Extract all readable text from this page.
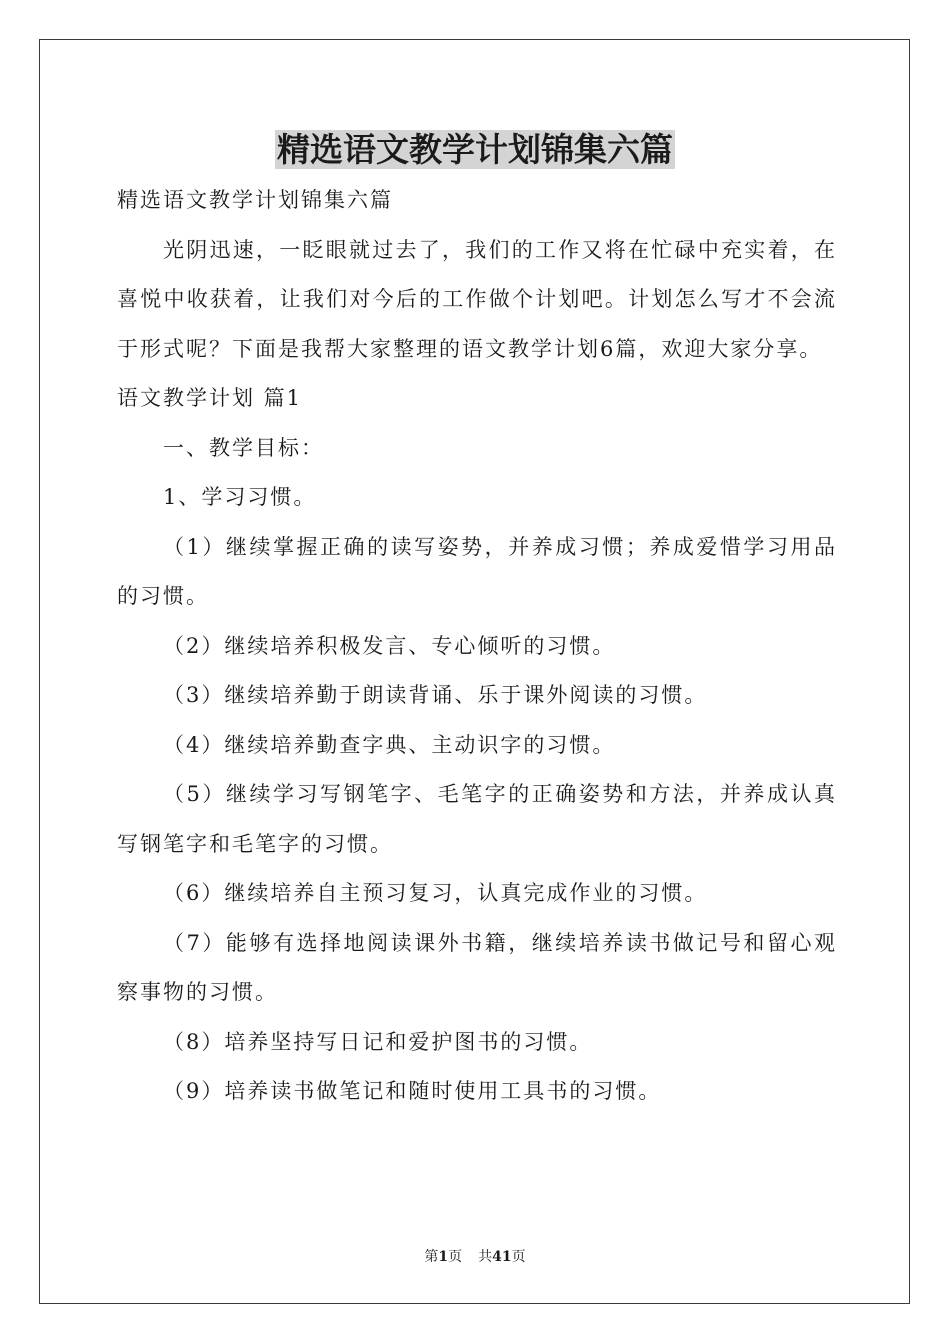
精选语文教学计划锦集六篇

精选语文教学计划锦集六篇

光阴迅速，一眨眼就过去了，我们的工作又将在忙碌中充实着，在喜悦中收获着，让我们对今后的工作做个计划吧。计划怎么写才不会流于形式呢？下面是我帮大家整理的语文教学计划6篇，欢迎大家分享。

语文教学计划 篇1

一、教学目标：

1、学习习惯。

（1）继续掌握正确的读写姿势，并养成习惯；养成爱惜学习用品的习惯。

（2）继续培养积极发言、专心倾听的习惯。

（3）继续培养勤于朗读背诵、乐于课外阅读的习惯。

（4）继续培养勤查字典、主动识字的习惯。

（5）继续学习写钢笔字、毛笔字的正确姿势和方法，并养成认真写钢笔字和毛笔字的习惯。

（6）继续培养自主预习复习，认真完成作业的习惯。

（7）能够有选择地阅读课外书籍，继续培养读书做记号和留心观察事物的习惯。

（8）培养坚持写日记和爱护图书的习惯。

（9）培养读书做笔记和随时使用工具书的习惯。

第1页 共41页
